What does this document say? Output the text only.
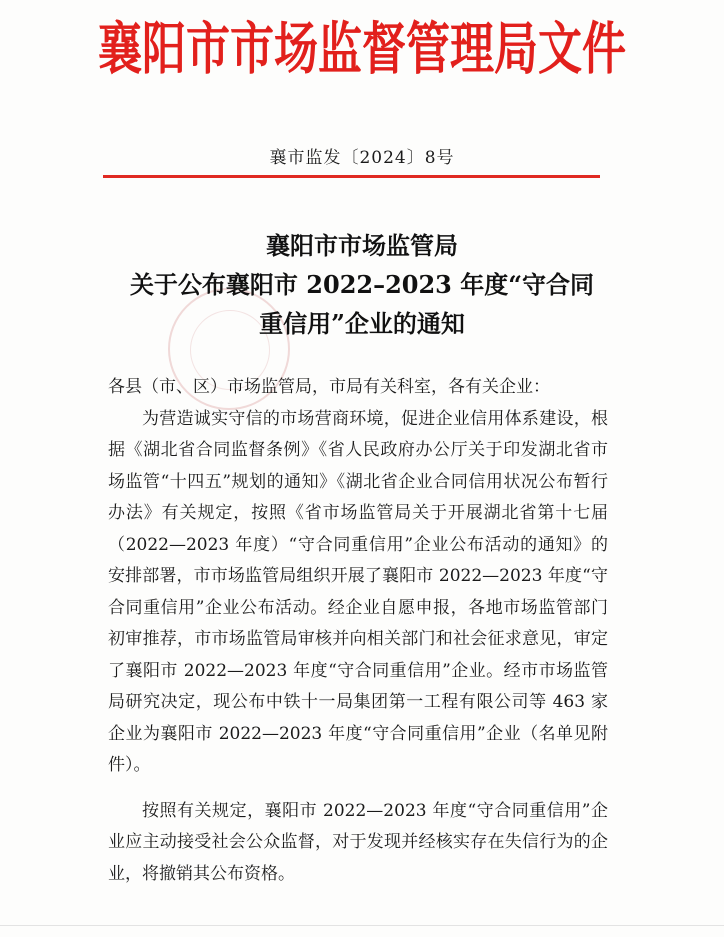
襄阳市市场监督管理局文件
襄市监发〔2024〕8号
襄阳市市场监管局
关于公布襄阳市 2022–2023 年度“守合同
重信用”企业的通知

各县（市、区）市场监管局，市局有关科室，各有关企业：

为营造诚实守信的市场营商环境，促进企业信用体系建设，根据《湖北省合同监督条例》《省人民政府办公厅关于印发湖北省市场监管“十四五”规划的通知》《湖北省企业合同信用状况公布暂行办法》有关规定，按照《省市场监管局关于开展湖北省第十七届（2022—2023 年度）“守合同重信用”企业公布活动的通知》的安排部署，市市场监管局组织开展了襄阳市 2022—2023 年度“守合同重信用”企业公布活动。经企业自愿申报，各地市场监管部门初审推荐，市市场监管局审核并向相关部门和社会征求意见，审定了襄阳市 2022—2023 年度“守合同重信用”企业。经市市场监管局研究决定，现公布中铁十一局集团第一工程有限公司等 463 家企业为襄阳市 2022—2023 年度“守合同重信用”企业（名单见附件）。

按照有关规定，襄阳市 2022—2023 年度“守合同重信用”企业应主动接受社会公众监督，对于发现并经核实存在失信行为的企业，将撤销其公布资格。
